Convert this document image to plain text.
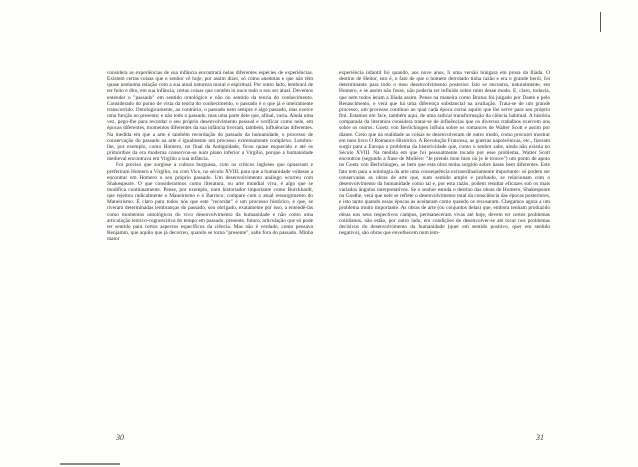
considera as experiências de sua infância encontrará nelas diferentes espécies de experiências. Existem certas coisas que o senhor vê hoje, por assim dizer, só como anedotas e que não têm quase nenhuma relação com a sua atual natureza moral e espiritual. Por outro lado, lembrará de ter feito e dito, em sua infância, certas coisas que contêm in nuce todo o seu ser atual. Devemos entender o "passado" em sentido ontológico e não no sentido da teoria do conhecimento. Considerado do ponto de vista da teoria do conhecimento, o passado é o que já é inteiramente transcorrido. Ontologicamente, ao contrário, o passado nem sempre é algo passado, mas exerce uma função no presente; e não todo o passado, mas uma parte dele que, afinal, varia. Ainda uma vez, pego-lhe para recordar o seu próprio desenvolvimento pessoal e verificar como nele, em épocas diferentes, momentos diferentes da sua infância tiveram, também, influências diferentes. Na medida em que a arte é também recordação do passado da humanidade, o processo de conservação do passado na arte é igualmente um processo extremamente complexo. Lembro-lhe, por exemplo, como Homero, no final da Antiguidade, ficou quase esquecido e até os primórdios da era moderna conservou-se num plano inferior a Virgílio, porque a humanidade medieval encontrava em Virgílio a sua infância.

Foi preciso que surgisse a cultura burguesa, com os críticos ingleses que opuseram e preferiram Homero a Virgílio, ou com Vico, no século XVIII, para que a humanidade voltasse a encontrar em Homero o seu próprio passado. Um desenvolvimento análogo ocorreu com Shakespeare. O que considerarmos como literatura, ou arte mundial viva, é algo que se modifica continuamente. Pense, por exemplo, num historiador importante como Burckhardt, que rejeitou radicalmente o Maneirismo e o Barroco; compare com o atual ressurgimento do Maneirismo. É claro para todos nós que este "recordar" é um processo histórico, e que, se tiveram determinadas lembranças do passado, sou obrigado, exatamente por isso, a entendê-las como momentos ontológicos do vivo desenvolvimento da humanidade e não como uma articulação teórico-cognoscitiva do tempo em passado, presente, futuro, articulação que só pode ter sentido para certos aspectos específicos da ciência. Mas não é verdade, como pensava Benjamin, que aquilo que já decorreu, quando se torna "presente", salte fora do passado. Minha maior

experiência infantil foi quando, aos nove anos, li uma versão húngara em prosa da Ilíada. O destino de Heitor, isto é, o fato de que o homem derrotado tinha razão e era o grande herói, foi determinante para todo o meu desenvolvimento posterior. Isto se encontra, naturalmente, em Homero, e se assim não fosse, não poderia ter influído sobre mim desse modo. E, claro, todavia, que nem todos leram a Ilíada assim. Pense na maneira como Brutus foi julgado por Dante e pelo Renascimento, e verá que há uma diferença substancial na avaliação. Trata-se de um grande processo, um processo contínuo ao qual cada época extrai aquilo que lhe serve para seu próprio fim. Estamos em face, também aqui, de uma radical transformação da ciência habitual. A história comparada da literatura considera tratar-se de influências que os diversos trabalhos exercem uns sobre os outros: Goetz von Berlichingen influiu sobre os romances de Walter Scott e assim por diante. Creio que na realidade as coisas se desenvolveram de outro modo, como procurei mostrar em meu livro O Romance Histórico. A Revolução Francesa, as guerras napoleônicas, etc., fizeram surgir para a Europa o problema da historicidade que, como o senhor sabe, ainda não existia no Século XVIII. Na medida em que foi pessoalmente tocado por esse problema, Walter Scott encontrou (segundo a frase de Molière: "Je prends mon bien où je le trouve") um ponto de apoio no Goetz von Berlichingen, se bem que esta obra tenha surgido sobre bases bem diferentes. Este fato tem para a ontologia da arte uma consequência extraordinariamente importante: só podem ser conservadas as obras de arte que, num sentido amplo e profundo, se relacionam com o desenvolvimento da humanidade como tal e, por esta razão, podem resultar eficazes sob os mais variados ângulos interpretativos. Se o senhor estuda o destino das obras de Homero, Shakespeare ou Goethe, verá que nele se reflete o desenvolvimento total da consciência das épocas posteriores, e isto tanto quando essas épocas as aceitaram como quando os recusaram. Chegamos agora a um problema muito importante. As obras de arte (ou conjuntos delas) que, embora tenham produzido obras nos seus respectivos campos, permaneceram vivas até hoje, devem ter certos problemas cotidianos, não estão, por outro lado, em condições de desenvolver-se até tocar nos problemas decisivos do desenvolvimento da humanidade (quer em sentido positivo, quer em sentido negativo), são obras que envelhecem num tem-

30	31
